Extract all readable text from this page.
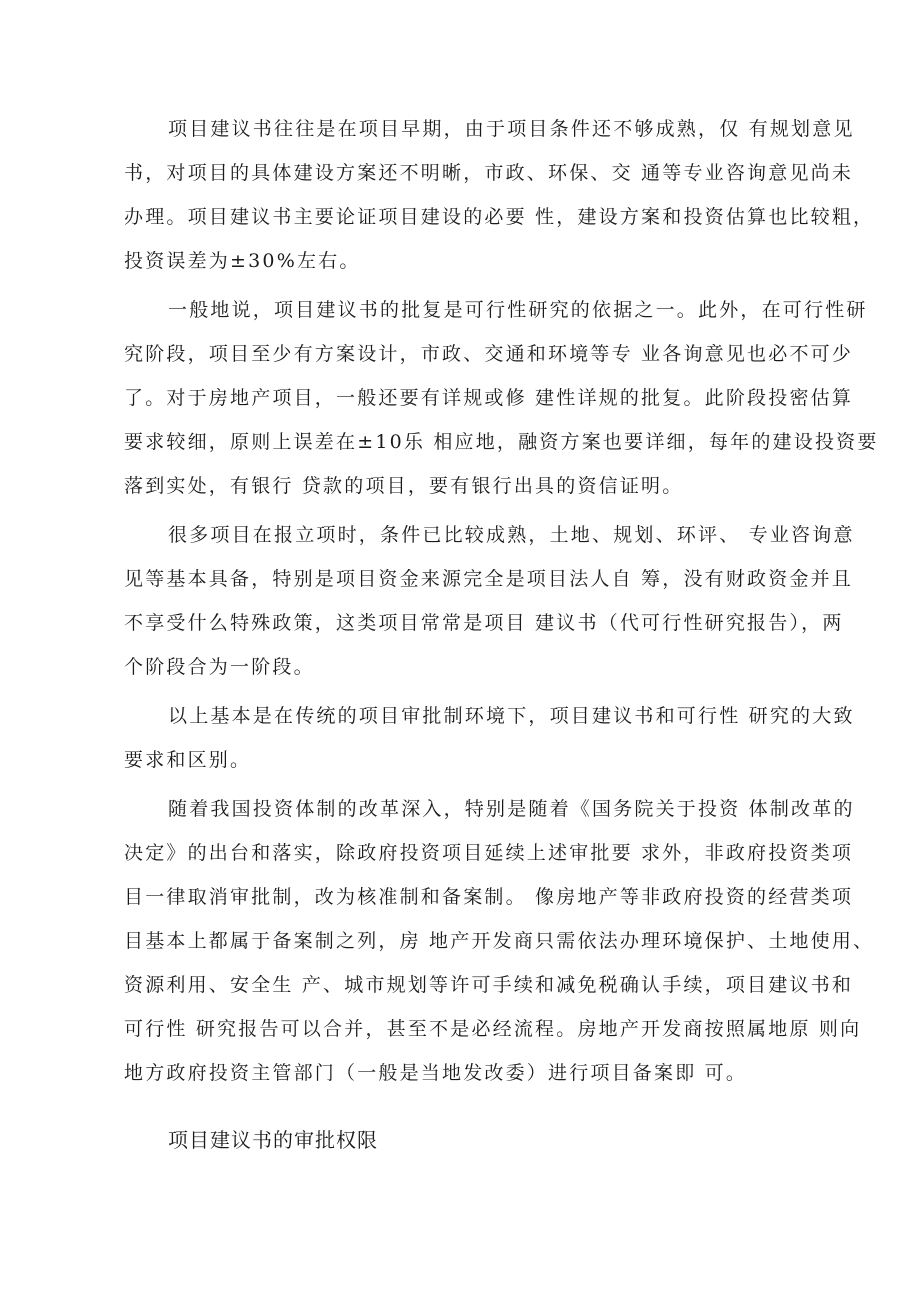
项目建议书往往是在项目早期，由于项目条件还不够成熟，仅 有规划意见
书，对项目的具体建设方案还不明晰，市政、环保、交 通等专业咨询意见尚未
办理。项目建议书主要论证项目建设的必要 性，建设方案和投资估算也比较粗，
投资误差为±30%左右。
一般地说，项目建议书的批复是可行性研究的依据之一。此外，在可行性研
究阶段，项目至少有方案设计，市政、交通和环境等专 业各询意见也必不可少
了。对于房地产项目，一般还要有详规或修 建性详规的批复。此阶段投密估算
要求较细，原则上误差在±10乐 相应地，融资方案也要详细，每年的建设投资要
落到实处，有银行 贷款的项目，要有银行出具的资信证明。
很多项目在报立项时，条件已比较成熟，土地、规划、环评、 专业咨询意
见等基本具备，特别是项目资金来源完全是项目法人自 筹，没有财政资金并且
不享受什么特殊政策，这类项目常常是项目 建议书（代可行性研究报告），两
个阶段合为一阶段。
以上基本是在传统的项目审批制环境下，项目建议书和可行性 研究的大致
要求和区别。
随着我国投资体制的改革深入，特别是随着《国务院关于投资 体制改革的
决定》的出台和落实，除政府投资项目延续上述审批要 求外，非政府投资类项
目一律取消审批制，改为核准制和备案制。 像房地产等非政府投资的经营类项
目基本上都属于备案制之列，房 地产开发商只需依法办理环境保护、土地使用、
资源利用、安全生 产、城市规划等许可手续和减免税确认手续，项目建议书和
可行性 研究报告可以合并，甚至不是必经流程。房地产开发商按照属地原 则向
地方政府投资主管部门（一般是当地发改委）进行项目备案即 可。
项目建议书的审批权限
